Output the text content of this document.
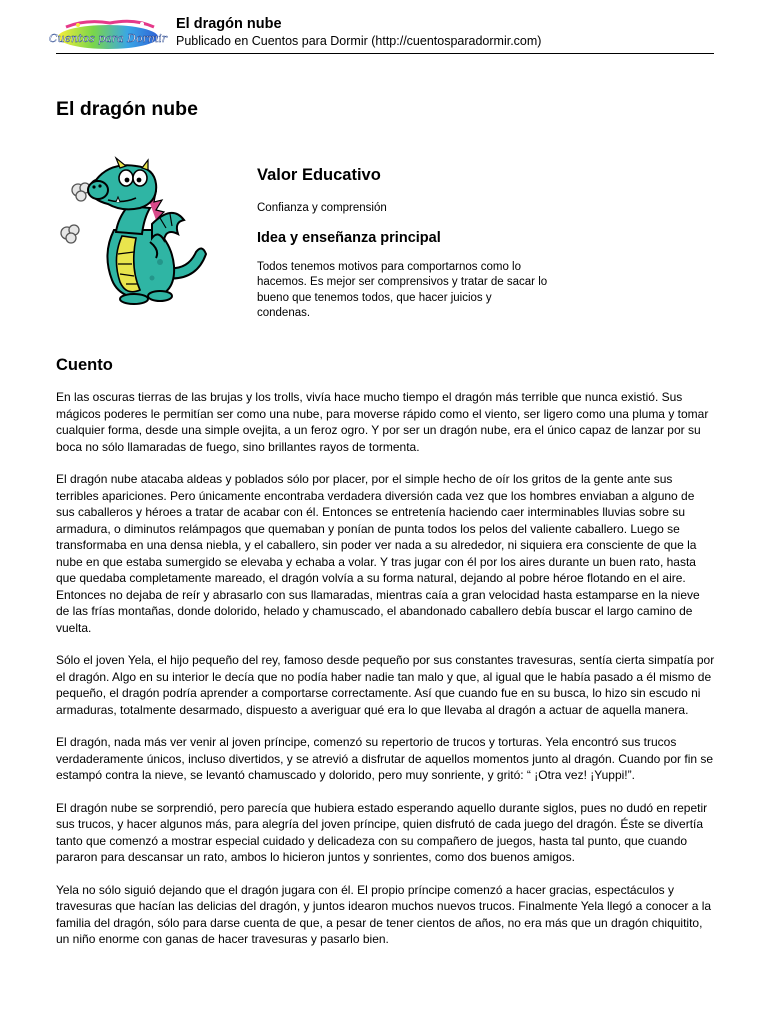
Cuentos para Dormir
El dragón nube
Publicado en Cuentos para Dormir (http://cuentosparadormir.com)
El dragón nube
Valor Educativo

Confianza y comprensión

Idea y enseñanza principal
Todos tenemos motivos para comportarnos como lo
hacemos. Es mejor ser comprensivos y tratar de sacar lo
bueno que tenemos todos, que hacer juicios y
condenas.
Cuento

En las oscuras tierras de las brujas y los trolls, vivía hace mucho tiempo el dragón más terrible que nunca existió. Sus mágicos poderes le permitían ser como una nube, para moverse rápido como el viento, ser ligero como una pluma y tomar cualquier forma, desde una simple ovejita, a un feroz ogro. Y por ser un dragón nube, era el único capaz de lanzar por su boca no sólo llamaradas de fuego, sino brillantes rayos de tormenta.

El dragón nube atacaba aldeas y poblados sólo por placer, por el simple hecho de oír los gritos de la gente ante sus terribles apariciones. Pero únicamente encontraba verdadera diversión cada vez que los hombres enviaban a alguno de sus caballeros y héroes a tratar de acabar con él. Entonces se entretenía haciendo caer interminables lluvias sobre su armadura, o diminutos relámpagos que quemaban y ponían de punta todos los pelos del valiente caballero. Luego se transformaba en una densa niebla, y el caballero, sin poder ver nada a su alrededor, ni siquiera era consciente de que la nube en que estaba sumergido se elevaba y echaba a volar. Y tras jugar con él por los aires durante un buen rato, hasta que quedaba completamente mareado, el dragón volvía a su forma natural, dejando al pobre héroe flotando en el aire. Entonces no dejaba de reír y abrasarlo con sus llamaradas, mientras caía a gran velocidad hasta estamparse en la nieve de las frías montañas, donde dolorido, helado y chamuscado, el abandonado caballero debía buscar el largo camino de vuelta.

Sólo el joven Yela, el hijo pequeño del rey, famoso desde pequeño por sus constantes travesuras, sentía cierta simpatía por el dragón. Algo en su interior le decía que no podía haber nadie tan malo y que, al igual que le había pasado a él mismo de pequeño, el dragón podría aprender a comportarse correctamente. Así que cuando fue en su busca, lo hizo sin escudo ni armaduras, totalmente desarmado, dispuesto a averiguar qué era lo que llevaba al dragón a actuar de aquella manera.

El dragón, nada más ver venir al joven príncipe, comenzó su repertorio de trucos y torturas. Yela encontró sus trucos verdaderamente únicos, incluso divertidos, y se atrevió a disfrutar de aquellos momentos junto al dragón. Cuando por fin se estampó contra la nieve, se levantó chamuscado y dolorido, pero muy sonriente, y gritó: “ ¡Otra vez! ¡Yuppi!”.

El dragón nube se sorprendió, pero parecía que hubiera estado esperando aquello durante siglos, pues no dudó en repetir sus trucos, y hacer algunos más, para alegría del joven príncipe, quien disfrutó de cada juego del dragón. Éste se divertía tanto que comenzó a mostrar especial cuidado y delicadeza con su compañero de juegos, hasta tal punto, que cuando pararon para descansar un rato, ambos lo hicieron juntos y sonrientes, como dos buenos amigos.

Yela no sólo siguió dejando que el dragón jugara con él. El propio príncipe comenzó a hacer gracias, espectáculos y travesuras que hacían las delicias del dragón, y juntos idearon muchos nuevos trucos. Finalmente Yela llegó a conocer a la familia del dragón, sólo para darse cuenta de que, a pesar de tener cientos de años, no era más que un dragón chiquitito, un niño enorme con ganas de hacer travesuras y pasarlo bien.
